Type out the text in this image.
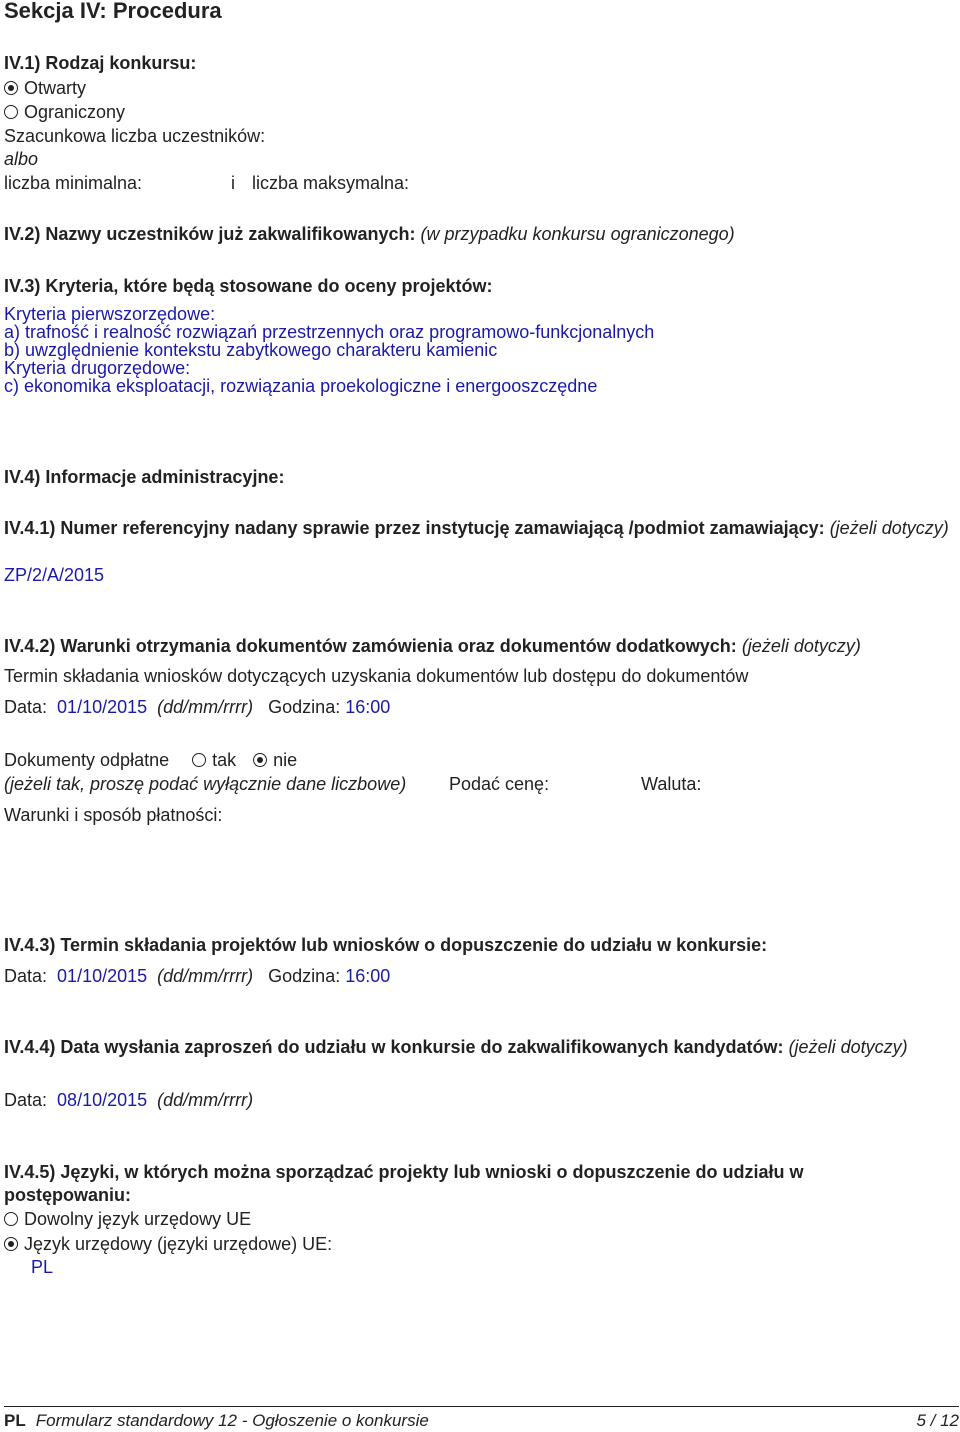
Sekcja IV: Procedura
IV.1) Rodzaj konkursu:
Otwarty
Ograniczony
Szacunkowa liczba uczestników:
albo
liczba minimalna:	i liczba maksymalna:
IV.2) Nazwy uczestników już zakwalifikowanych: (w przypadku konkursu ograniczonego)
IV.3) Kryteria, które będą stosowane do oceny projektów:
Kryteria pierwszorzędowe:
a) trafność i realność rozwiązań przestrzennych oraz programowo-funkcjonalnych
b) uwzględnienie kontekstu zabytkowego charakteru kamienic
Kryteria drugorzędowe:
c) ekonomika eksploatacji, rozwiązania proekologiczne i energooszczędne
IV.4) Informacje administracyjne:
IV.4.1) Numer referencyjny nadany sprawie przez instytucję zamawiającą /podmiot zamawiający: (jeżeli dotyczy)
ZP/2/A/2015
IV.4.2) Warunki otrzymania dokumentów zamówienia oraz dokumentów dodatkowych: (jeżeli dotyczy)
Termin składania wniosków dotyczących uzyskania dokumentów lub dostępu do dokumentów
Data: 01/10/2015 (dd/mm/rrrr) Godzina: 16:00
Dokumenty odpłatne tak nie
(jeżeli tak, proszę podać wyłącznie dane liczbowe) Podać cenę:	Waluta:
Warunki i sposób płatności:
IV.4.3) Termin składania projektów lub wniosków o dopuszczenie do udziału w konkursie:
Data: 01/10/2015 (dd/mm/rrrr) Godzina: 16:00
IV.4.4) Data wysłania zaproszeń do udziału w konkursie do zakwalifikowanych kandydatów: (jeżeli dotyczy)
Data: 08/10/2015 (dd/mm/rrrr)
IV.4.5) Języki, w których można sporządzać projekty lub wnioski o dopuszczenie do udziału w postępowaniu:
Dowolny język urzędowy UE
Język urzędowy (języki urzędowe) UE:
PL
PL Formularz standardowy 12 - Ogłoszenie o konkursie	5 / 12
